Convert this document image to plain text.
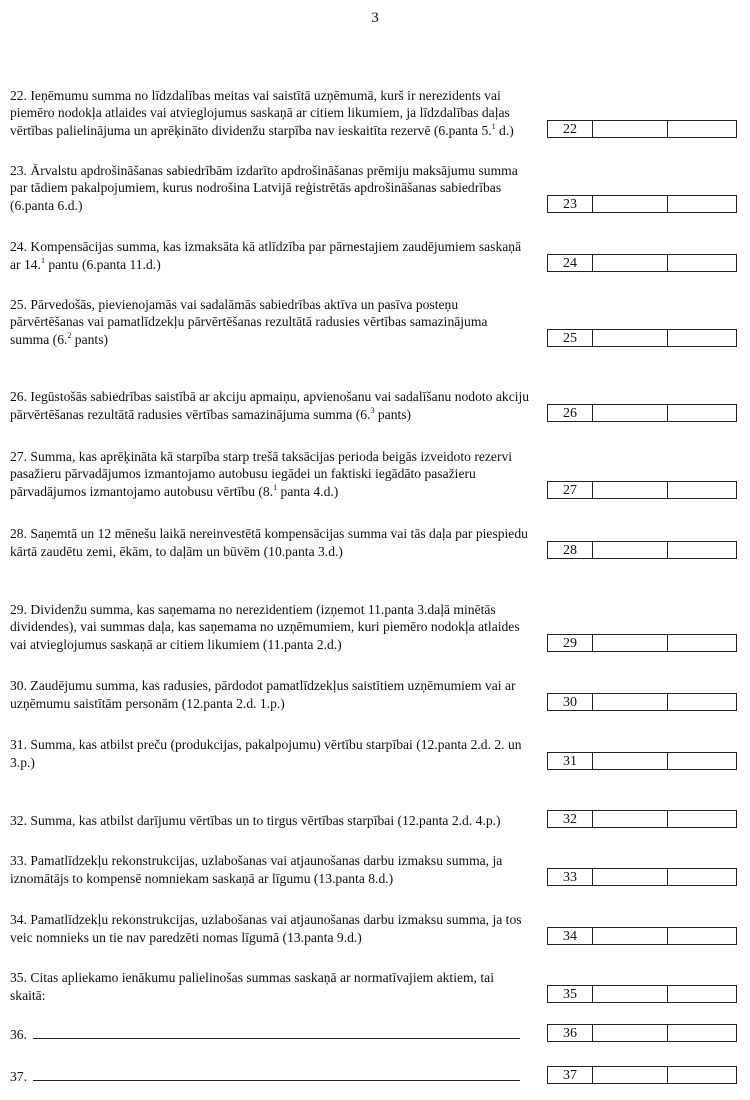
3
22. Ieņēmumu summa no līdzdalības meitas vai saistītā uzņēmumā, kurš ir nerezidents vai piemēro nodokļa atlaides vai atvieglojumus saskaņā ar citiem likumiem, ja līdzdalības daļas vērtības palielinājuma un aprēķināto dividenžu starpība nav ieskaitīta rezervē (6.panta 5.$^1$ d.)	22
23. Ārvalstu apdrošināšanas sabiedrībām izdarīto apdrošināšanas prēmiju maksājumu summa par tādiem pakalpojumiem, kurus nodrošina Latvijā reģistrētās apdrošināšanas sabiedrības (6.panta 6.d.)	23
24. Kompensācijas summa, kas izmaksāta kā atlīdzība par pārnestajiem zaudējumiem saskaņā ar 14.$^1$ pantu (6.panta 11.d.)	24
25. Pārvedošās, pievienojamās vai sadalāmās sabiedrības aktīva un pasīva posteņu pārvērtēšanas vai pamatlīdzekļu pārvērtēšanas rezultātā radusies vērtības samazinājuma summa (6.$^2$ pants)	25
26. Iegūstošās sabiedrības saistībā ar akciju apmaiņu, apvienošanu vai sadalīšanu nodoto akciju pārvērtēšanas rezultātā radusies vērtības samazinājuma summa (6.$^3$ pants)	26
27. Summa, kas aprēķināta kā starpība starp trešā taksācijas perioda beigās izveidoto rezervi pasažieru pārvadājumos izmantojamo autobusu iegādei un faktiski iegādāto pasažieru pārvadājumos izmantojamo autobusu vērtību (8.$^1$ panta 4.d.)	27
28. Saņemtā un 12 mēnešu laikā nereinvestētā kompensācijas summa vai tās daļa par piespiedu kārtā zaudētu zemi, ēkām, to daļām un būvēm (10.panta 3.d.)	28
29. Dividenžu summa, kas saņemama no nerezidentiem (izņemot 11.panta 3.daļā minētās dividendes), vai summas daļa, kas saņemama no uzņēmumiem, kuri piemēro nodokļa atlaides vai atvieglojumus saskaņā ar citiem likumiem (11.panta 2.d.)	29
30. Zaudējumu summa, kas radusies, pārdodot pamatlīdzekļus saistītiem uzņēmumiem vai ar uzņēmumu saistītām personām (12.panta 2.d. 1.p.)	30
31. Summa, kas atbilst preču (produkcijas, pakalpojumu) vērtību starpībai (12.panta 2.d. 2. un 3.p.)	31
32. Summa, kas atbilst darījumu vērtības un to tirgus vērtības starpībai (12.panta 2.d. 4.p.)	32
33. Pamatlīdzekļu rekonstrukcijas, uzlabošanas vai atjaunošanas darbu izmaksu summa, ja iznomātājs to kompensē nomniekam saskaņā ar līgumu (13.panta 8.d.)	33
34. Pamatlīdzekļu rekonstrukcijas, uzlabošanas vai atjaunošanas darbu izmaksu summa, ja tos veic nomnieks un tie nav paredzēti nomas līgumā (13.panta 9.d.)	34
35. Citas apliekamo ienākumu palielinošas summas saskaņā ar normatīvajiem aktiem, tai skaitā:	35
36.	36
37.	37
